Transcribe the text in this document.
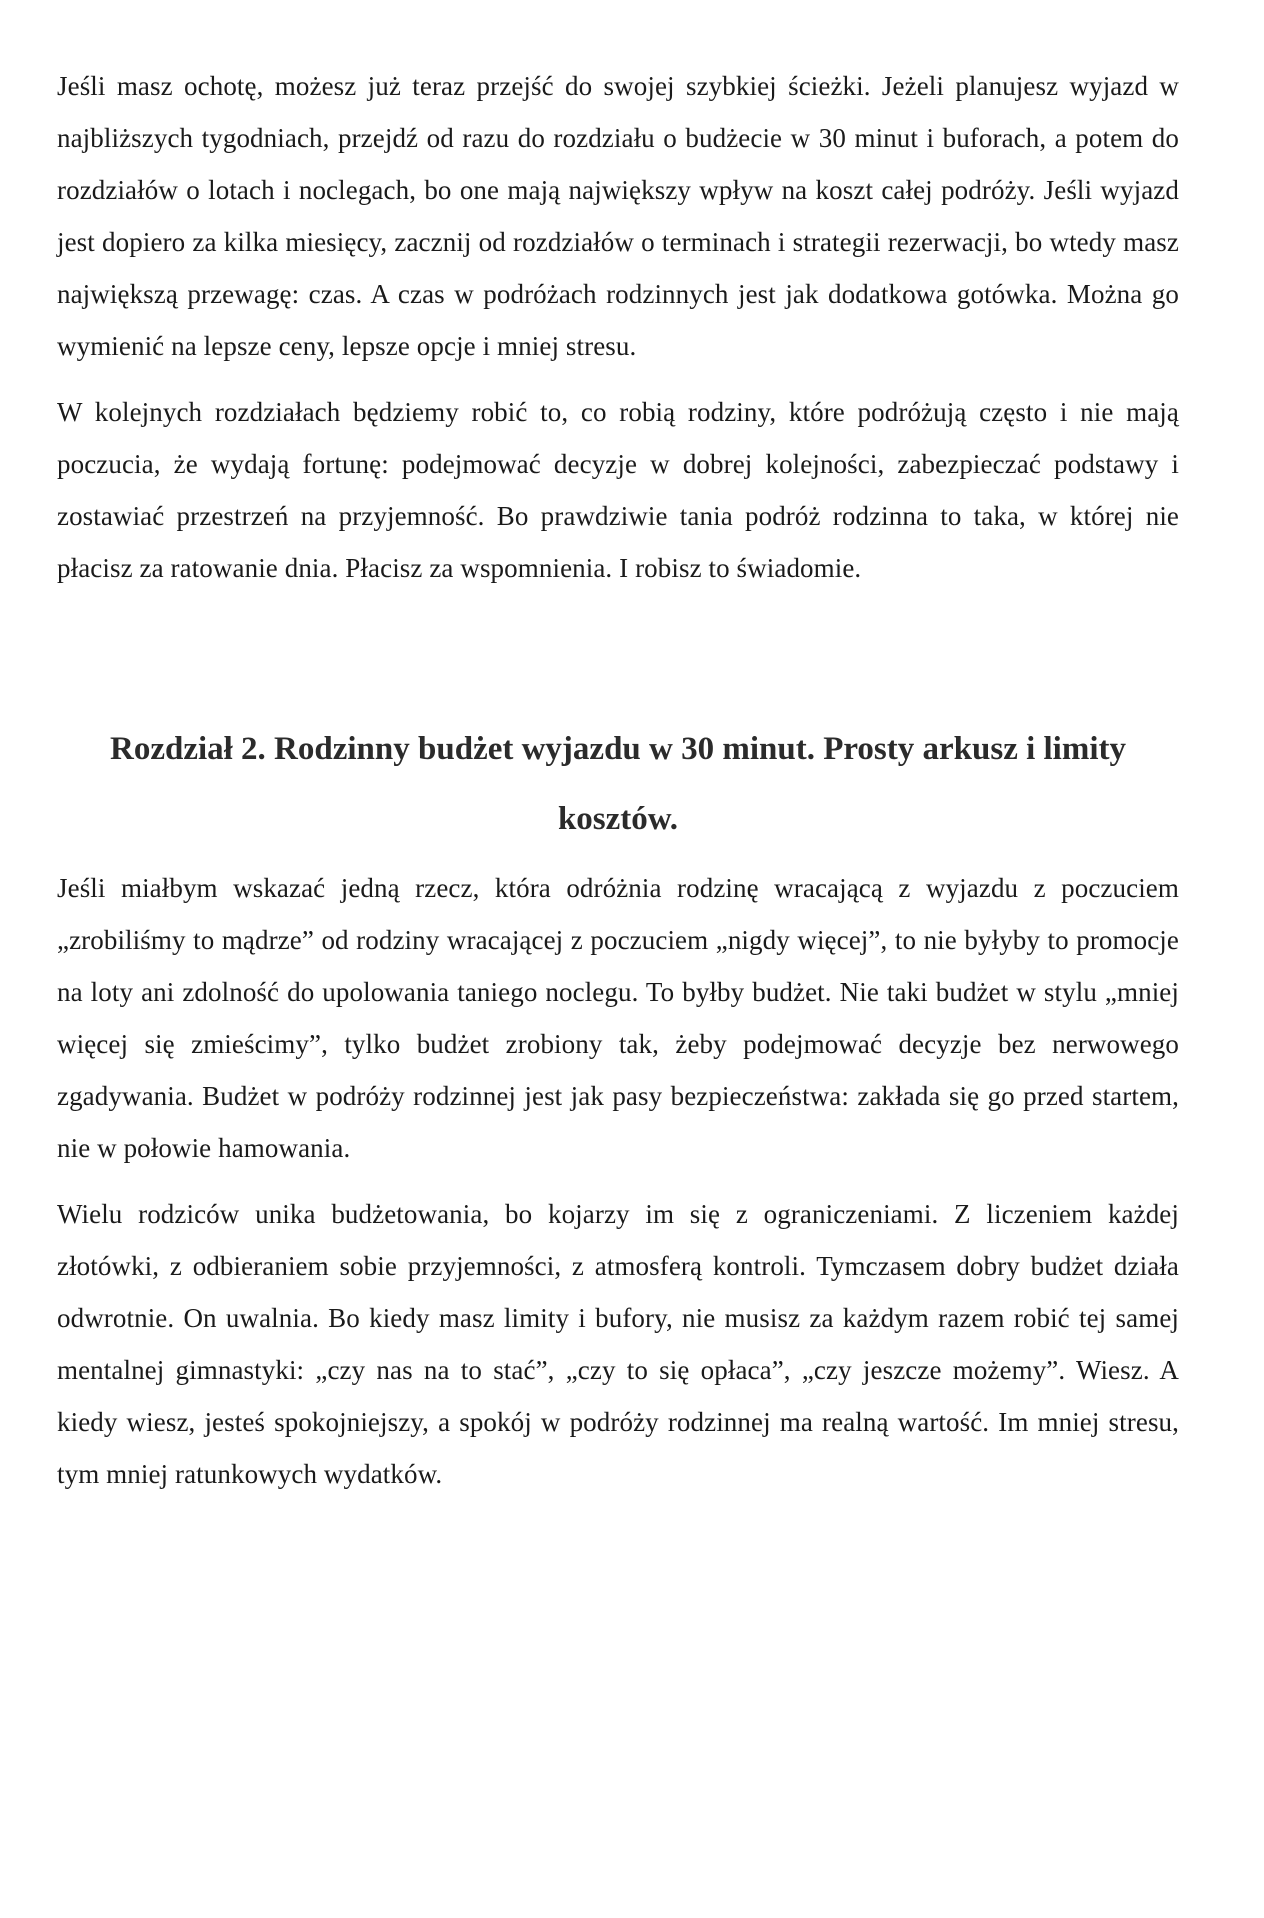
Jeśli masz ochotę, możesz już teraz przejść do swojej szybkiej ścieżki. Jeżeli planujesz wyjazd w najbliższych tygodniach, przejdź od razu do rozdziału o budżecie w 30 minut i buforach, a potem do rozdziałów o lotach i noclegach, bo one mają największy wpływ na koszt całej podróży. Jeśli wyjazd jest dopiero za kilka miesięcy, zacznij od rozdziałów o terminach i strategii rezerwacji, bo wtedy masz największą przewagę: czas. A czas w podróżach rodzinnych jest jak dodatkowa gotówka. Można go wymienić na lepsze ceny, lepsze opcje i mniej stresu.

W kolejnych rozdziałach będziemy robić to, co robią rodziny, które podróżują często i nie mają poczucia, że wydają fortunę: podejmować decyzje w dobrej kolejności, zabezpieczać podstawy i zostawiać przestrzeń na przyjemność. Bo prawdziwie tania podróż rodzinna to taka, w której nie płacisz za ratowanie dnia. Płacisz za wspomnienia. I robisz to świadomie.

Rozdział 2. Rodzinny budżet wyjazdu w 30 minut. Prosty arkusz i limity kosztów.

Jeśli miałbym wskazać jedną rzecz, która odróżnia rodzinę wracającą z wyjazdu z poczuciem „zrobiliśmy to mądrze” od rodziny wracającej z poczuciem „nigdy więcej”, to nie byłyby to promocje na loty ani zdolność do upolowania taniego noclegu. To byłby budżet. Nie taki budżet w stylu „mniej więcej się zmieścimy”, tylko budżet zrobiony tak, żeby podejmować decyzje bez nerwowego zgadywania. Budżet w podróży rodzinnej jest jak pasy bezpieczeństwa: zakłada się go przed startem, nie w połowie hamowania.

Wielu rodziców unika budżetowania, bo kojarzy im się z ograniczeniami. Z liczeniem każdej złotówki, z odbieraniem sobie przyjemności, z atmosferą kontroli. Tymczasem dobry budżet działa odwrotnie. On uwalnia. Bo kiedy masz limity i bufory, nie musisz za każdym razem robić tej samej mentalnej gimnastyki: „czy nas na to stać”, „czy to się opłaca”, „czy jeszcze możemy”. Wiesz. A kiedy wiesz, jesteś spokojniejszy, a spokój w podróży rodzinnej ma realną wartość. Im mniej stresu, tym mniej ratunkowych wydatków.
